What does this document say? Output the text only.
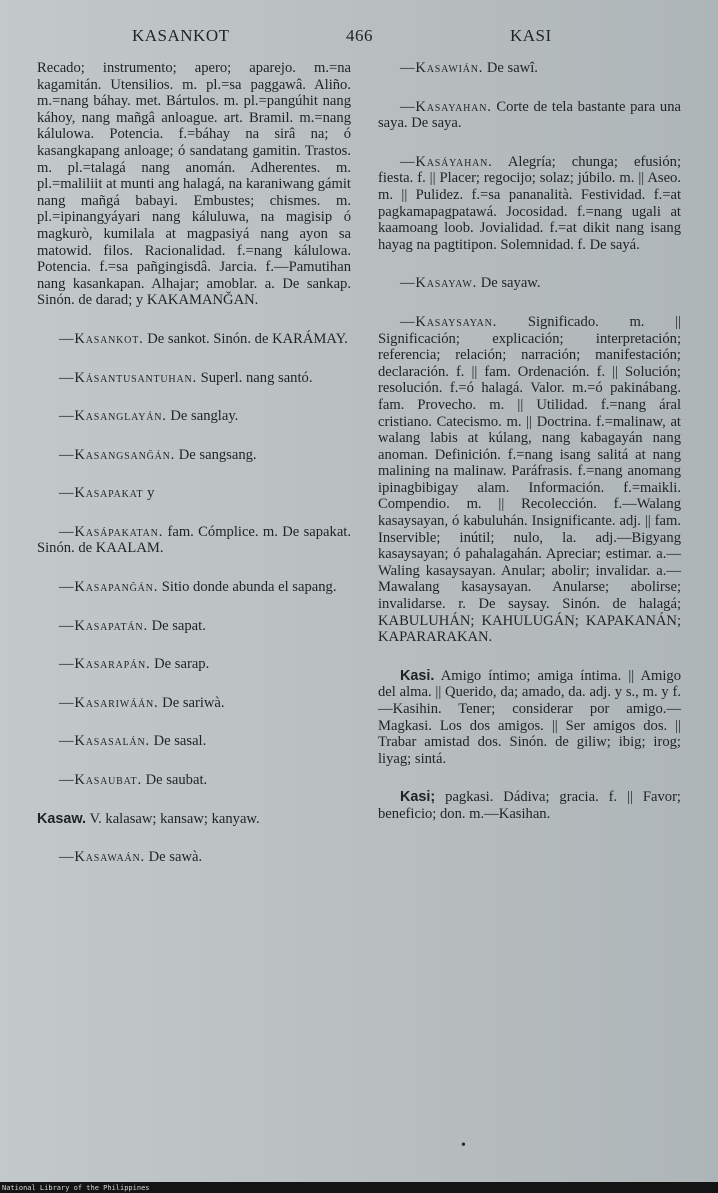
KASANKOT	466	KASI

Recado; instrumento; apero; aparejo. m.=na kagamitán. Utensilios. m. pl.=sa paggawâ. Aliño. m.=nang báhay. met. Bártulos. m. pl.=pangúhit nang káhoy, nang mañgâ anloague. art. Bramil. m.=nang kálulowa. Potencia. f.=báhay na sirâ na; ó kasangkapang anloage; ó sandatang gamitin. Trastos. m. pl.=talagá nang anomán. Adherentes. m. pl.=maliliit at munti ang halagá, na karaniwang gámit nang mañgá babayi. Embustes; chismes. m. pl.=ipinangyáyari nang káluluwa, na magisip ó magkurò, kumilala at magpasiyá nang ayon sa matowid. filos. Racionalidad. f.=nang kálulowa. Potencia. f.=sa pañgingisdâ. Jarcia. f.—Pamutihan nang kasankapan. Alhajar; amoblar. a. De sankap. Sinón. de darad; y KAKAMANĞAN.

—Kasankot. De sankot. Sinón. de KARÁMAY.
—Kásantusantuhan. Superl. nang santó.
—Kasanglayán. De sanglay.
—Kasangsanğán. De sangsang.
—Kasapakat y
—Kasápakatan. fam. Cómplice. m. De sapakat. Sinón. de KAALAM.
—Kasapanğán. Sitio donde abunda el sapang.
—Kasapatán. De sapat.
—Kasarapán. De sarap.
—Kasariwáán. De sariwà.
—Kasasalán. De sasal.
—Kasaubat. De saubat.
Kasaw. V. kalasaw; kansaw; kanyaw.
—Kasawaán. De sawà.
—Kasawián. De sawî.
—Kasayahan. Corte de tela bastante para una saya. De saya.
—Kasáyahan. Alegría; chunga; efusión; fiesta. f. || Placer; regocijo; solaz; júbilo. m. || Aseo. m. || Pulidez. f.=sa pananalità. Festividad. f.=at pagkamapagpatawá. Jocosidad. f.=nang ugali at kaamoang loob. Jovialidad. f.=at dikit nang isang hayag na pagtitipon. Solemnidad. f. De sayá.
—Kasayaw. De sayaw.
—Kasaysayan. Significado. m. || Significación; explicación; interpretación; referencia; relación; narración; manifestación; declaración. f. || fam. Ordenación. f. || Solución; resolución. f.=ó halagá. Valor. m.=ó pakinábang. fam. Provecho. m. || Utilidad. f.=nang áral cristiano. Catecismo. m. || Doctrina. f.=malinaw, at walang labis at kúlang, nang kabagayán nang anoman. Definición. f.=nang isang salitá at nang malining na malinaw. Paráfrasis. f.=nang anomang ipinagbibigay alam. Información. f.=maikli. Compendio. m. || Recolección. f.—Walang kasaysayan, ó kabuluhán. Insignificante. adj. || fam. Inservible; inútil; nulo, la. adj.—Bigyang kasaysayan; ó pahalagahán. Apreciar; estimar. a.—Waling kasaysayan. Anular; abolir; invalidar. a.—Mawalang kasaysayan. Anularse; abolirse; invalidarse. r. De saysay. Sinón. de halagá; KABULUHÁN; KAHULUGÁN; KAPAKANÁN; KAPARARAKAN.
Kasi. Amigo íntimo; amiga íntima. || Amigo del alma. || Querido, da; amado, da. adj. y s., m. y f.—Kasihin. Tener; considerar por amigo.—Magkasi. Los dos amigos. || Ser amigos dos. || Trabar amistad dos. Sinón. de giliw; ibig; irog; liyag; sintá.
Kasi; pagkasi. Dádiva; gracia. f. || Favor; beneficio; don. m.—Kasihan.
•
National Library of the Philippines
